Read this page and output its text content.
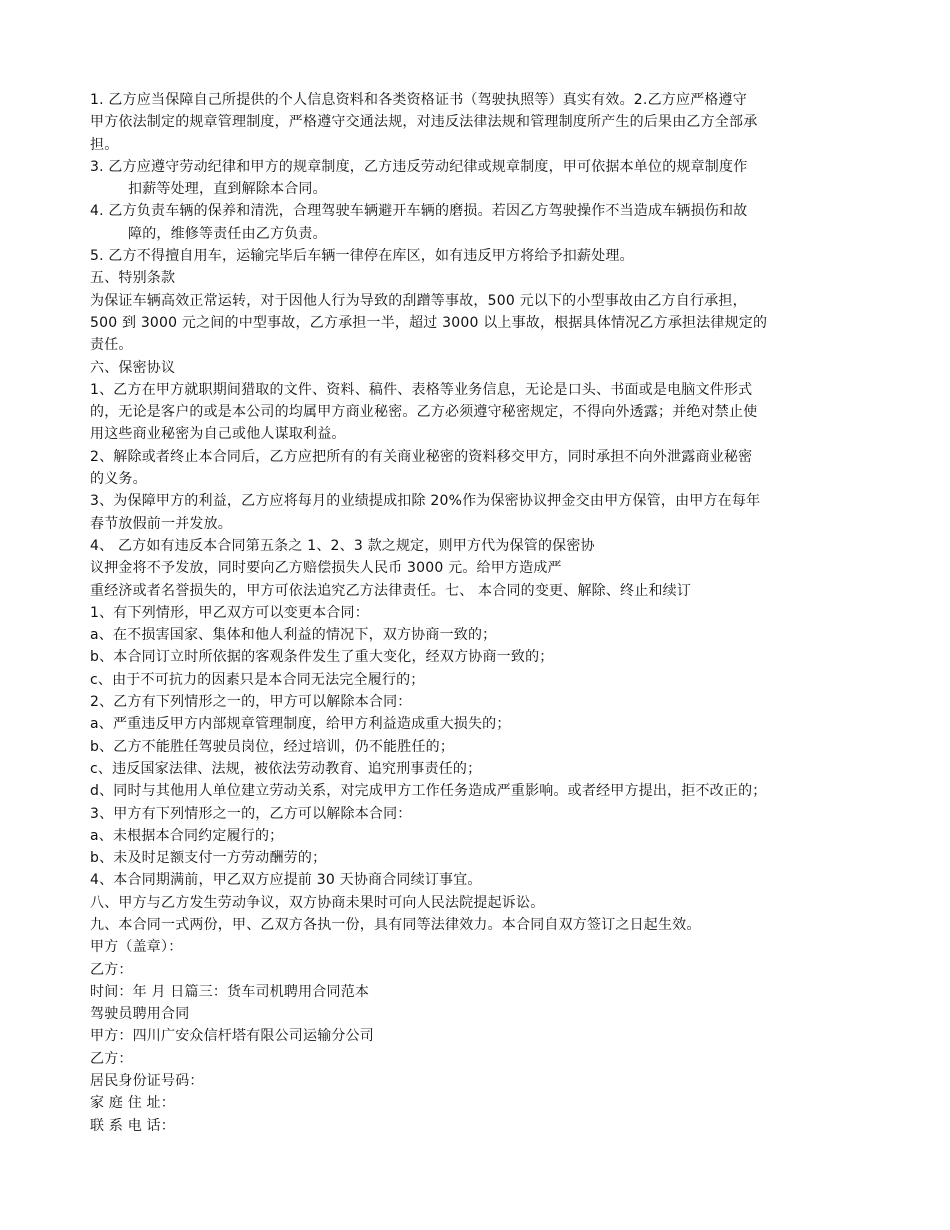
1. 乙方应当保障自己所提供的个人信息资料和各类资格证书（驾驶执照等）真实有效。2.乙方应严格遵守
甲方依法制定的规章管理制度，严格遵守交通法规，对违反法律法规和管理制度所产生的后果由乙方全部承
担。
3. 乙方应遵守劳动纪律和甲方的规章制度，乙方违反劳动纪律或规章制度，甲可依据本单位的规章制度作
扣薪等处理，直到解除本合同。
4. 乙方负责车辆的保养和清洗，合理驾驶车辆避开车辆的磨损。若因乙方驾驶操作不当造成车辆损伤和故
障的，维修等责任由乙方负责。
5. 乙方不得擅自用车，运输完毕后车辆一律停在库区，如有违反甲方将给予扣薪处理。
五、特别条款
为保证车辆高效正常运转，对于因他人行为导致的刮蹭等事故，500 元以下的小型事故由乙方自行承担，
500 到 3000 元之间的中型事故，乙方承担一半，超过 3000 以上事故，根据具体情况乙方承担法律规定的
责任。
六、保密协议
1、乙方在甲方就职期间猎取的文件、资料、稿件、表格等业务信息，无论是口头、书面或是电脑文件形式
的，无论是客户的或是本公司的均属甲方商业秘密。乙方必须遵守秘密规定，不得向外透露；并绝对禁止使
用这些商业秘密为自己或他人谋取利益。
2、解除或者终止本合同后，乙方应把所有的有关商业秘密的资料移交甲方，同时承担不向外泄露商业秘密
的义务。
3、为保障甲方的利益，乙方应将每月的业绩提成扣除 20%作为保密协议押金交由甲方保管，由甲方在每年
春节放假前一并发放。
4、 乙方如有违反本合同第五条之 1、2、3 款之规定，则甲方代为保管的保密协
议押金将不予发放，同时要向乙方赔偿损失人民币 3000 元。给甲方造成严
重经济或者名誉损失的，甲方可依法追究乙方法律责任。七、 本合同的变更、解除、终止和续订
1、有下列情形，甲乙双方可以变更本合同：
a、在不损害国家、集体和他人利益的情况下，双方协商一致的；
b、本合同订立时所依据的客观条件发生了重大变化，经双方协商一致的；
c、由于不可抗力的因素只是本合同无法完全履行的；
2、乙方有下列情形之一的，甲方可以解除本合同：
a、严重违反甲方内部规章管理制度，给甲方利益造成重大损失的；
b、乙方不能胜任驾驶员岗位，经过培训，仍不能胜任的；
c、违反国家法律、法规，被依法劳动教育、追究刑事责任的；
d、同时与其他用人单位建立劳动关系，对完成甲方工作任务造成严重影响。或者经甲方提出，拒不改正的；
3、甲方有下列情形之一的，乙方可以解除本合同：
a、未根据本合同约定履行的；
b、未及时足额支付一方劳动酬劳的；
4、本合同期满前，甲乙双方应提前 30 天协商合同续订事宜。
八、甲方与乙方发生劳动争议，双方协商未果时可向人民法院提起诉讼。
九、本合同一式两份，甲、乙双方各执一份，具有同等法律效力。本合同自双方签订之日起生效。
甲方（盖章）：
乙方：
时间：年 月 日篇三：货车司机聘用合同范本
驾驶员聘用合同
甲方：四川广安众信杆塔有限公司运输分公司
乙方：
居民身份证号码：
家 庭 住 址：
联 系 电 话：
